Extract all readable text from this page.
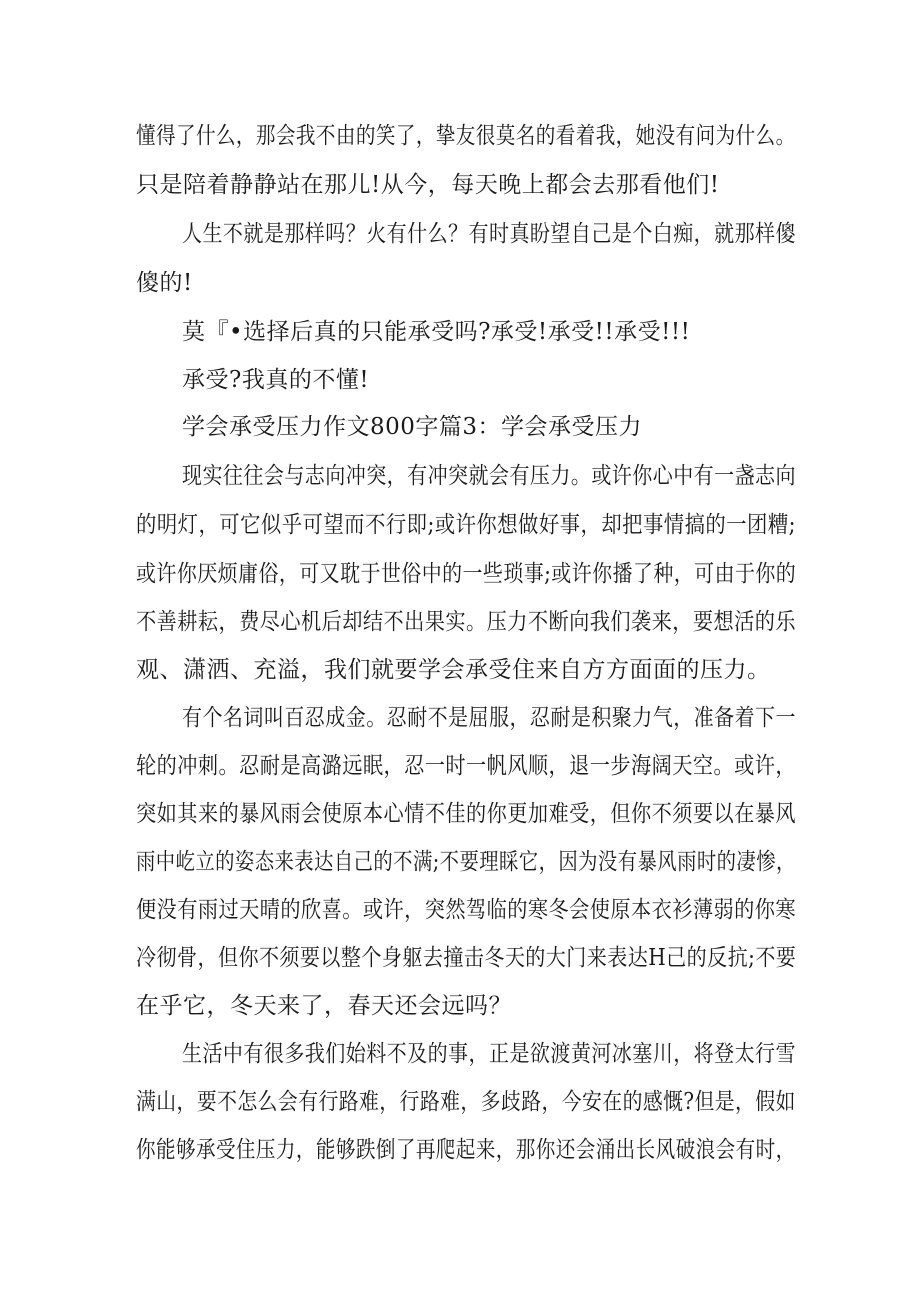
懂得了什么，那会我不由的笑了，挚友很莫名的看着我，她没有问为什么。
只是陪着静静站在那儿!从今，每天晚上都会去那看他们!
人生不就是那样吗？火有什么？有时真盼望自己是个白痴，就那样傻
傻的!
莫『•选择后真的只能承受吗?承受!承受!!承受!!!
承受?我真的不懂!
学会承受压力作文800字篇3：学会承受压力
现实往往会与志向冲突，有冲突就会有压力。或许你心中有一盏志向
的明灯，可它似乎可望而不行即;或许你想做好事，却把事情搞的一团糟;
或许你厌烦庸俗，可又耽于世俗中的一些琐事;或许你播了种，可由于你的
不善耕耘，费尽心机后却结不出果实。压力不断向我们袭来，要想活的乐
观、潇洒、充溢，我们就要学会承受住来自方方面面的压力。
有个名词叫百忍成金。忍耐不是屈服，忍耐是积聚力气，准备着下一
轮的冲刺。忍耐是高潞远眠，忍一时一帆风顺，退一步海阔天空。或许，
突如其来的暴风雨会使原本心情不佳的你更加难受，但你不须要以在暴风
雨中屹立的姿态来表达自己的不满;不要理睬它，因为没有暴风雨时的凄惨，
便没有雨过天晴的欣喜。或许，突然驾临的寒冬会使原本衣衫薄弱的你寒
冷彻骨，但你不须要以整个身躯去撞击冬天的大门来表达H己的反抗;不要
在乎它，冬天来了，春天还会远吗？
生活中有很多我们始料不及的事，正是欲渡黄河冰塞川，将登太行雪
满山，要不怎么会有行路难，行路难，多歧路，今安在的感慨?但是，假如
你能够承受住压力，能够跌倒了再爬起来，那你还会涌出长风破浪会有时，
